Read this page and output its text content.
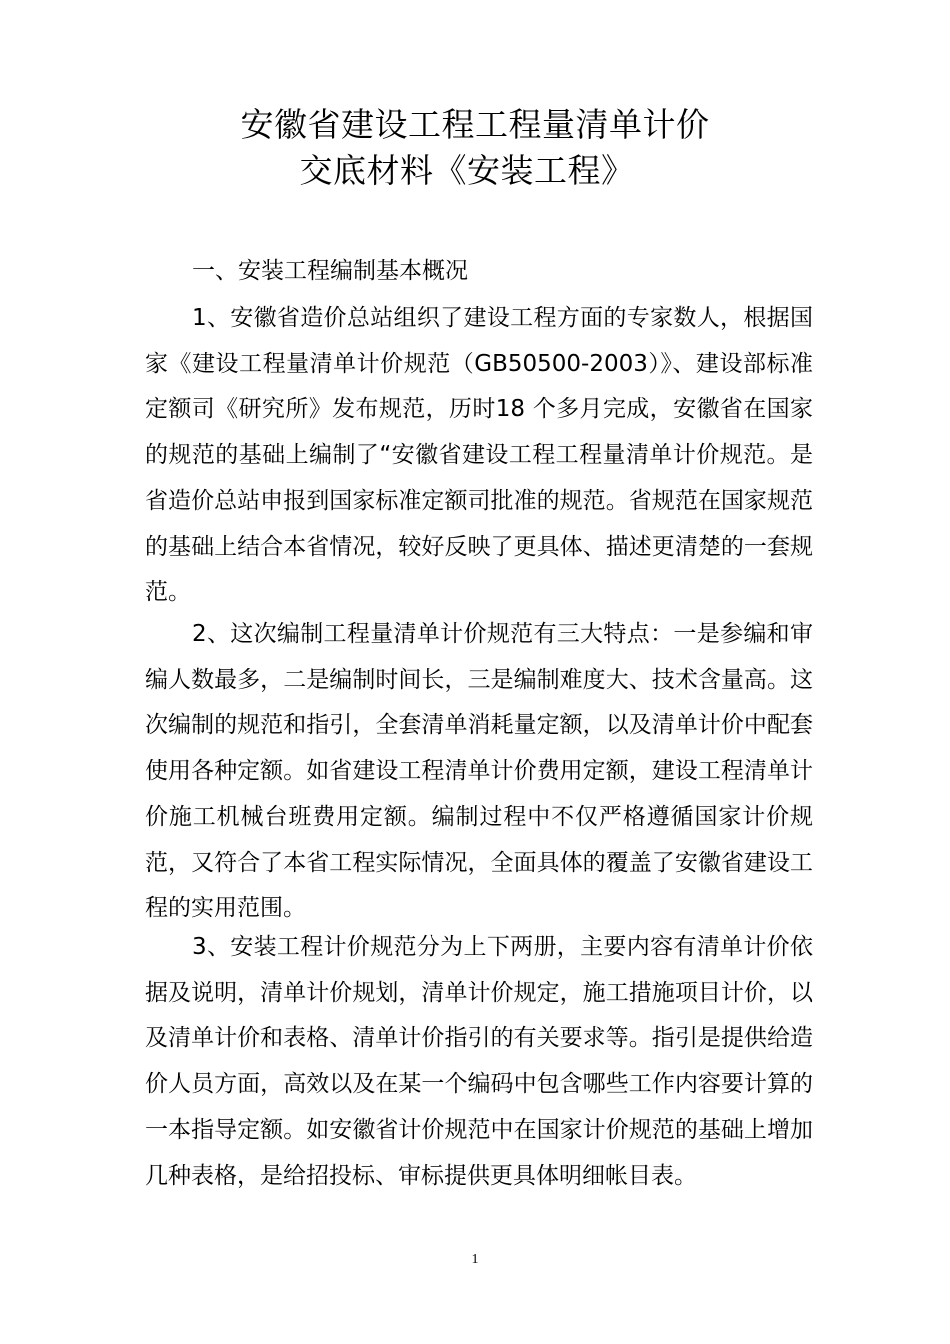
安徽省建设工程工程量清单计价
交底材料《安装工程》
一、安装工程编制基本概况
1、安徽省造价总站组织了建设工程方面的专家数人，根据国家《建设工程量清单计价规范（GB50500-2003）》、建设部标准定额司《研究所》发布规范，历时18 个多月完成，安徽省在国家的规范的基础上编制了“安徽省建设工程工程量清单计价规范。是省造价总站申报到国家标准定额司批准的规范。省规范在国家规范的基础上结合本省情况，较好反映了更具体、描述更清楚的一套规范。
2、这次编制工程量清单计价规范有三大特点：一是参编和审编人数最多，二是编制时间长，三是编制难度大、技术含量高。这次编制的规范和指引，全套清单消耗量定额，以及清单计价中配套使用各种定额。如省建设工程清单计价费用定额，建设工程清单计价施工机械台班费用定额。编制过程中不仅严格遵循国家计价规范，又符合了本省工程实际情况，全面具体的覆盖了安徽省建设工程的实用范围。
3、安装工程计价规范分为上下两册，主要内容有清单计价依据及说明，清单计价规划，清单计价规定，施工措施项目计价，以及清单计价和表格、清单计价指引的有关要求等。指引是提供给造价人员方面，高效以及在某一个编码中包含哪些工作内容要计算的一本指导定额。如安徽省计价规范中在国家计价规范的基础上增加几种表格，是给招投标、审标提供更具体明细帐目表。
1
